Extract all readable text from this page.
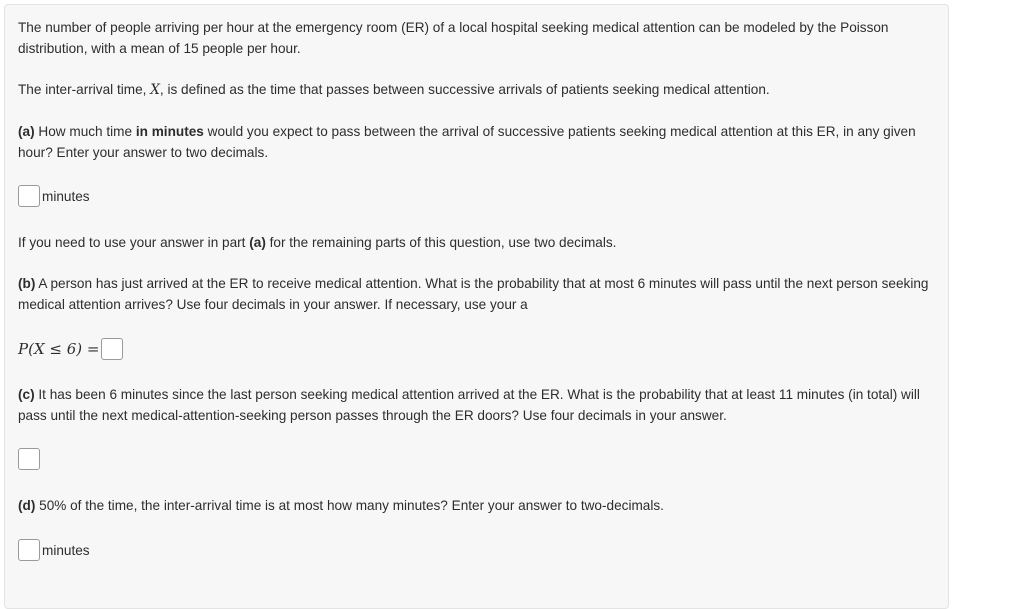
The number of people arriving per hour at the emergency room (ER) of a local hospital seeking medical attention can be modeled by the Poisson distribution, with a mean of 15 people per hour.

The inter-arrival time, X, is defined as the time that passes between successive arrivals of patients seeking medical attention.

(a) How much time in minutes would you expect to pass between the arrival of successive patients seeking medical attention at this ER, in any given hour? Enter your answer to two decimals.

minutes

If you need to use your answer in part (a) for the remaining parts of this question, use two decimals.

(b) A person has just arrived at the ER to receive medical attention. What is the probability that at most 6 minutes will pass until the next person seeking medical attention arrives? Use four decimals in your answer. If necessary, use your a

P(X ≤ 6) =

(c) It has been 6 minutes since the last person seeking medical attention arrived at the ER. What is the probability that at least 11 minutes (in total) will pass until the next medical-attention-seeking person passes through the ER doors? Use four decimals in your answer.

(d) 50% of the time, the inter-arrival time is at most how many minutes? Enter your answer to two-decimals.

minutes
